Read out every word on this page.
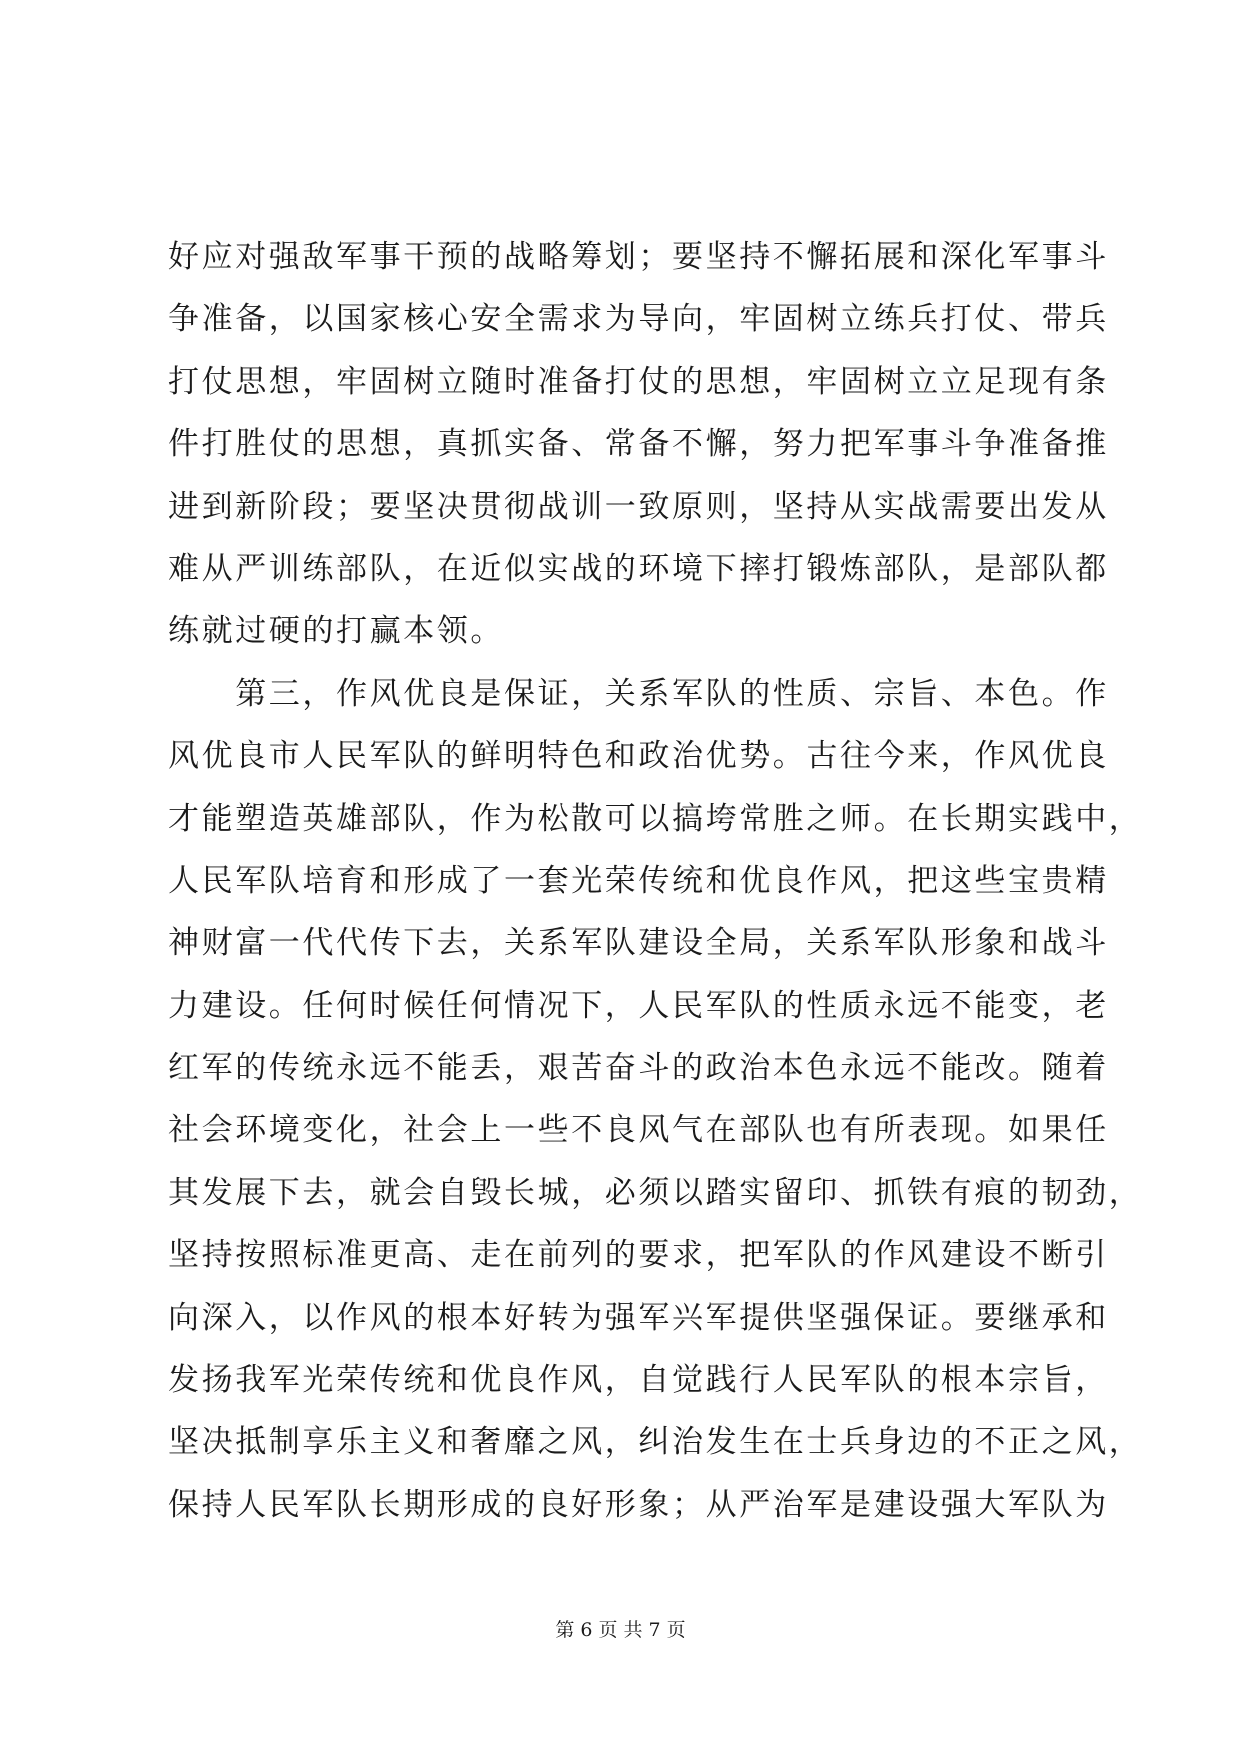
好应对强敌军事干预的战略筹划；要坚持不懈拓展和深化军事斗
争准备，以国家核心安全需求为导向，牢固树立练兵打仗、带兵
打仗思想，牢固树立随时准备打仗的思想，牢固树立立足现有条
件打胜仗的思想，真抓实备、常备不懈，努力把军事斗争准备推
进到新阶段；要坚决贯彻战训一致原则，坚持从实战需要出发从
难从严训练部队，在近似实战的环境下摔打锻炼部队，是部队都
练就过硬的打赢本领。
　　第三，作风优良是保证，关系军队的性质、宗旨、本色。作
风优良市人民军队的鲜明特色和政治优势。古往今来，作风优良
才能塑造英雄部队，作为松散可以搞垮常胜之师。在长期实践中，
人民军队培育和形成了一套光荣传统和优良作风，把这些宝贵精
神财富一代代传下去，关系军队建设全局，关系军队形象和战斗
力建设。任何时候任何情况下，人民军队的性质永远不能变，老
红军的传统永远不能丢，艰苦奋斗的政治本色永远不能改。随着
社会环境变化，社会上一些不良风气在部队也有所表现。如果任
其发展下去，就会自毁长城，必须以踏实留印、抓铁有痕的韧劲，
坚持按照标准更高、走在前列的要求，把军队的作风建设不断引
向深入，以作风的根本好转为强军兴军提供坚强保证。要继承和
发扬我军光荣传统和优良作风，自觉践行人民军队的根本宗旨，
坚决抵制享乐主义和奢靡之风，纠治发生在士兵身边的不正之风，
保持人民军队长期形成的良好形象；从严治军是建设强大军队为
第 6 页 共 7 页
